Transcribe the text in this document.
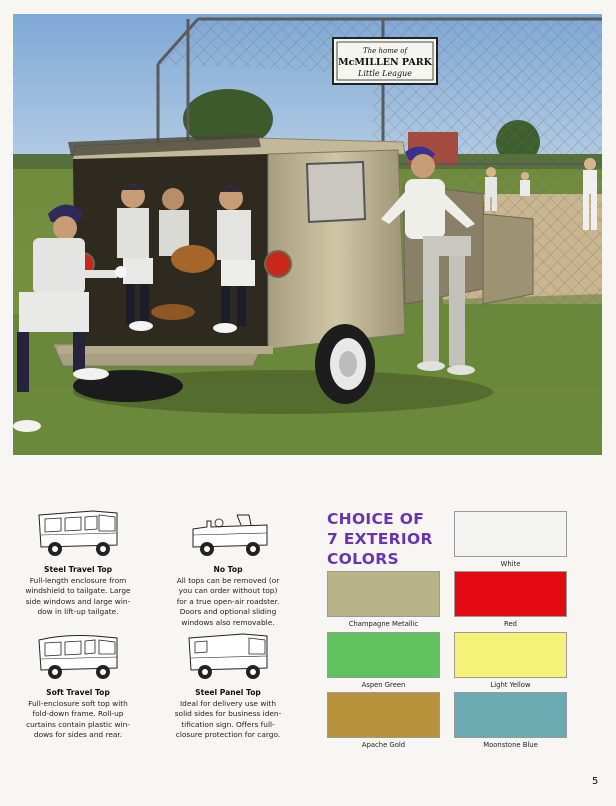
The home of
McMILLEN PARK
Little League
Steel Travel Top
Full-length enclosure from
windshield to tailgate. Large
side windows and large win-
dow in lift-up tailgate.
No Top
All tops can be removed (or
you can order without top)
for a true open-air roadster.
Doors and optional sliding
windows also removable.
Soft Travel Top
Full-enclosure soft top with
fold-down frame. Roll-up
curtains contain plastic win-
dows for sides and rear.
Steel Panel Top
Ideal for delivery use with
solid sides for business iden-
tification sign. Offers full-
closure protection for cargo.
CHOICE OF
7 EXTERIOR
COLORS	White
Champagne Metallic	Red
Aspen Green	Light Yellow
Apache Gold	Moonstone Blue
5
